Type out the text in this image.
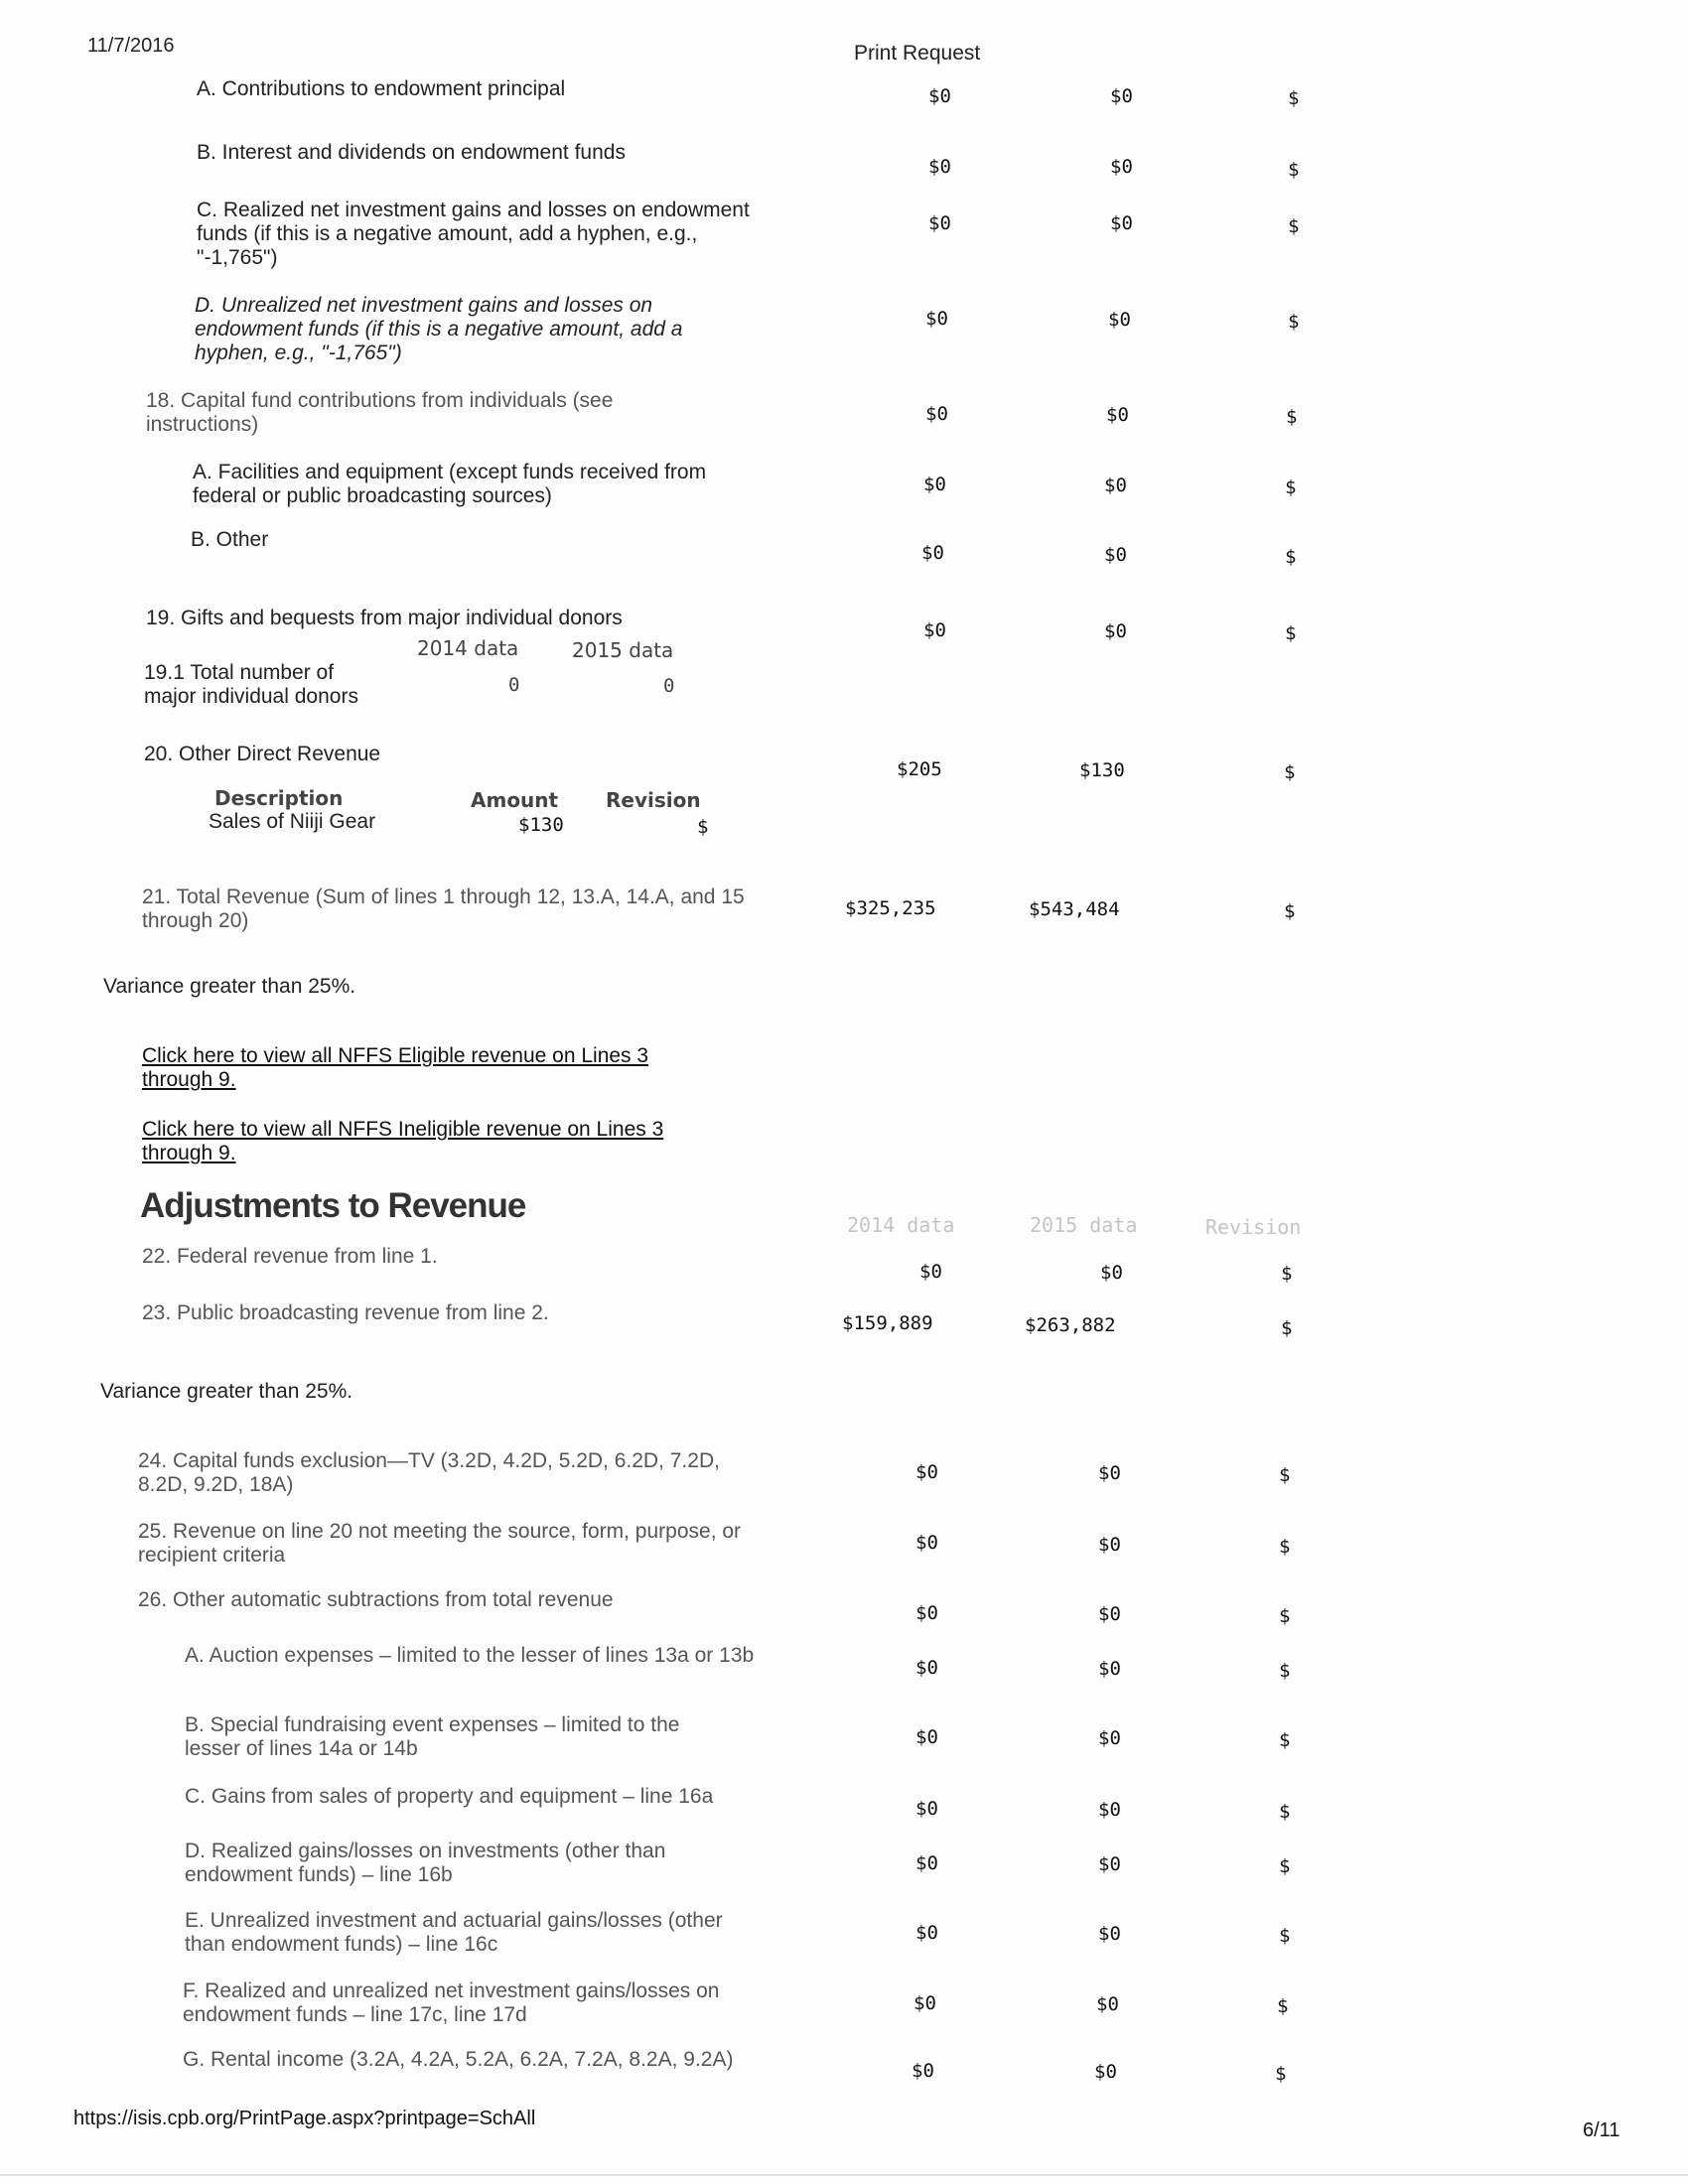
11/7/2016	Print Request
A. Contributions to endowment principal	$0	$0	$
B. Interest and dividends on endowment funds
$0	$0	$
C. Realized net investment gains and losses on endowment funds (if this is a negative amount, add a hyphen, e.g., "-1,765")
$0	$0	$
D. Unrealized net investment gains and losses on endowment funds (if this is a negative amount, add a hyphen, e.g., "-1,765")
$0	$0	$
18. Capital fund contributions from individuals (see instructions)	$0	$0	$
A. Facilities and equipment (except funds received from federal or public broadcasting sources)	$0	$0	$
B. Other
$0	$0	$
19. Gifts and bequests from major individual donors
$0	$0	$
2014 data	2015 data
19.1 Total number of major individual donors	0	0
20. Other Direct Revenue
$205	$130	$
Description	Amount Revision
Sales of Niiji Gear	$130	$
21. Total Revenue (Sum of lines 1 through 12, 13.A, 14.A, and 15 through 20)
$325,235	$543,484	$
Variance greater than 25%.
Click here to view all NFFS Eligible revenue on Lines 3 through 9.
Click here to view all NFFS Ineligible revenue on Lines 3 through 9.
Adjustments to Revenue	2014 data	2015 data	Revision
22. Federal revenue from line 1.
$0	$0	$
23. Public broadcasting revenue from line 2.	$159,889	$263,882	$
Variance greater than 25%.
24. Capital funds exclusion—TV (3.2D, 4.2D, 5.2D, 6.2D, 7.2D, 8.2D, 9.2D, 18A)
$0	$0	$
25. Revenue on line 20 not meeting the source, form, purpose, or recipient criteria
$0	$0	$
26. Other automatic subtractions from total revenue
$0	$0	$
A. Auction expenses – limited to the lesser of lines 13a or 13b
$0	$0	$
B. Special fundraising event expenses – limited to the lesser of lines 14a or 14b	$0	$0	$
C. Gains from sales of property and equipment – line 16a
$0	$0	$
D. Realized gains/losses on investments (other than endowment funds) – line 16b	$0	$0	$
E. Unrealized investment and actuarial gains/losses (other than endowment funds) – line 16c	$0	$0	$
F. Realized and unrealized net investment gains/losses on endowment funds – line 17c, line 17d	$0	$0	$
G. Rental income (3.2A, 4.2A, 5.2A, 6.2A, 7.2A, 8.2A, 9.2A)	$0	$0	$
https://isis.cpb.org/PrintPage.aspx?printpage=SchAll
6/11
